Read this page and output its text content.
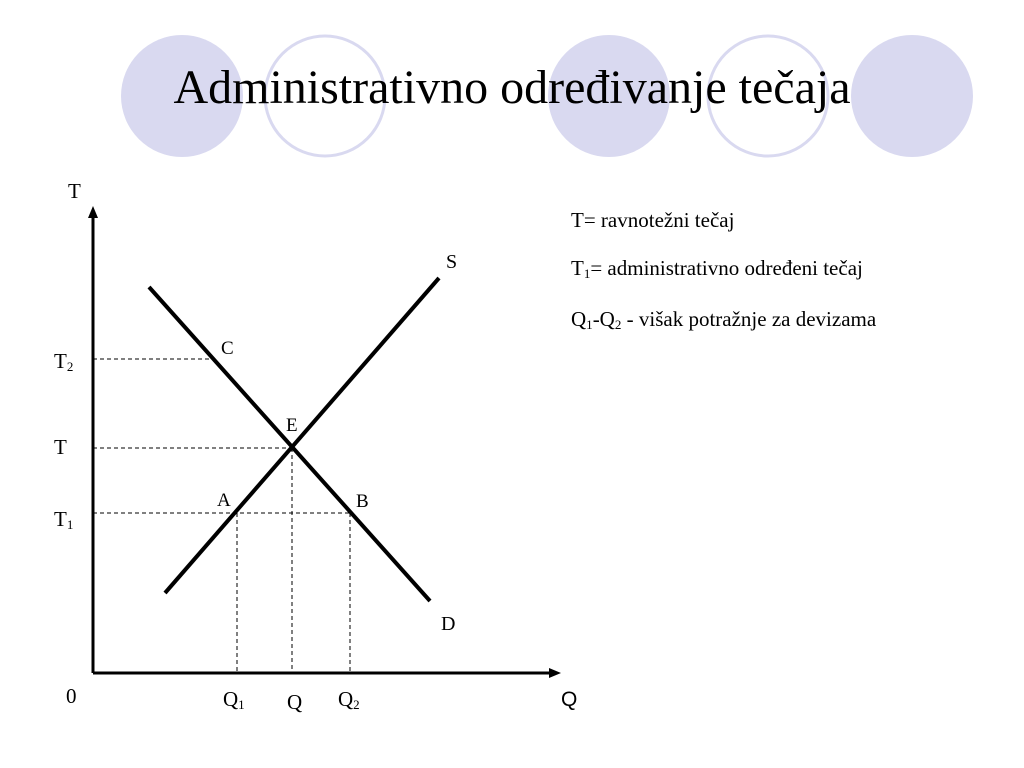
Administrativno određivanje tečaja
T
Q
0
T2
T
T1
Q1 Q Q2
S
D
C
E
A	B
T= ravnotežni tečaj
$T_1=$ administrativno određeni tečaj
$Q_1-Q_2$ - višak potražnje za devizama
